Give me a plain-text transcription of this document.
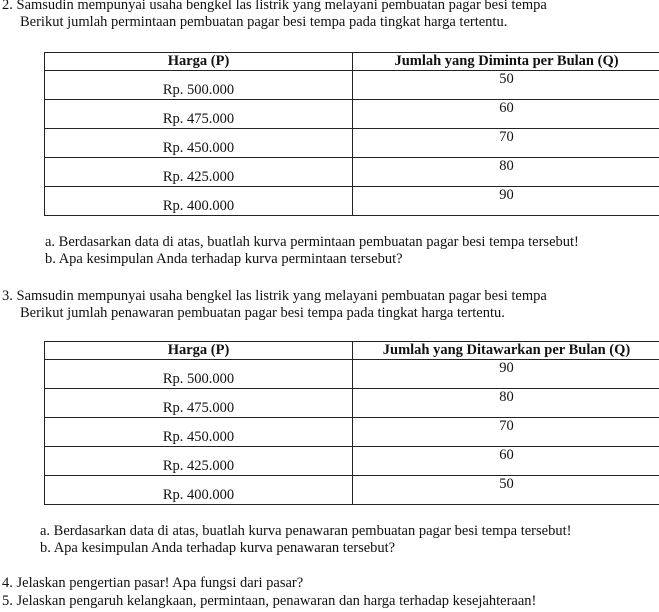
2. Samsudin mempunyai usaha bengkel las listrik yang melayani pembuatan pagar besi tempa
Berikut jumlah permintaan pembuatan pagar besi tempa pada tingkat harga tertentu.
Harga (P)	Jumlah yang Diminta per Bulan (Q)
Rp. 500.000	50
Rp. 475.000	60
Rp. 450.000	70
Rp. 425.000	80
Rp. 400.000	90
a. Berdasarkan data di atas, buatlah kurva permintaan pembuatan pagar besi tempa tersebut!
b. Apa kesimpulan Anda terhadap kurva permintaan tersebut?
3. Samsudin mempunyai usaha bengkel las listrik yang melayani pembuatan pagar besi tempa
Berikut jumlah penawaran pembuatan pagar besi tempa pada tingkat harga tertentu.
Harga (P)	Jumlah yang Ditawarkan per Bulan (Q)
Rp. 500.000	90
Rp. 475.000	80
Rp. 450.000	70
Rp. 425.000	60
Rp. 400.000	50
a. Berdasarkan data di atas, buatlah kurva penawaran pembuatan pagar besi tempa tersebut!
b. Apa kesimpulan Anda terhadap kurva penawaran tersebut?
4. Jelaskan pengertian pasar! Apa fungsi dari pasar?
5. Jelaskan pengaruh kelangkaan, permintaan, penawaran dan harga terhadap kesejahteraan!
